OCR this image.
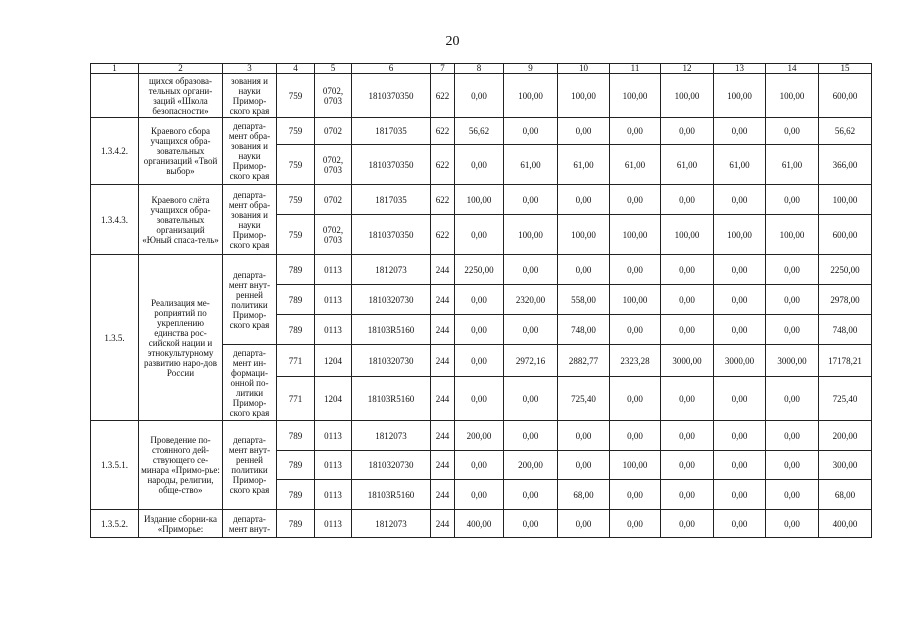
20
1	2	3	4	5	6	7	8	9	10	11	12	13	14	15
	щихся образова-тельных органи-заций «Школа безопасности»	зования и науки Примор-ского края	759	0702, 0703	1810370350	622	0,00	100,00	100,00	100,00	100,00	100,00	100,00	600,00
1.3.4.2.	Краевого сбора учащихся обра-зовательных организаций «Твой выбор»	департа-мент обра-зования и науки Примор-ского края	759	0702	1817035	622	56,62	0,00	0,00	0,00	0,00	0,00	0,00	56,62
			759	0702, 0703	1810370350	622	0,00	61,00	61,00	61,00	61,00	61,00	61,00	366,00
1.3.4.3.	Краевого слёта учащихся обра-зовательных организаций «Юный спаса-тель»	департа-мент обра-зования и науки Примор-ского края	759	0702	1817035	622	100,00	0,00	0,00	0,00	0,00	0,00	0,00	100,00
			759	0702, 0703	1810370350	622	0,00	100,00	100,00	100,00	100,00	100,00	100,00	600,00
1.3.5.	Реализация ме-роприятий по укреплению единства рос-сийской нации и этнокультурному развитию наро-дов России	департа-мент внут-ренней политики Примор-ского края	789	0113	1812073	244	2250,00	0,00	0,00	0,00	0,00	0,00	0,00	2250,00
			789	0113	1810320730	244	0,00	2320,00	558,00	100,00	0,00	0,00	0,00	2978,00
			789	0113	18103R5160	244	0,00	0,00	748,00	0,00	0,00	0,00	0,00	748,00
		департа-мент ин-формаци-онной по-литики Примор-ского края	771	1204	1810320730	244	0,00	2972,16	2882,77	2323,28	3000,00	3000,00	3000,00	17178,21
			771	1204	18103R5160	244	0,00	0,00	725,40	0,00	0,00	0,00	0,00	725,40
1.3.5.1.	Проведение по-стоянного дей-ствующего се-минара «Примо-рье: народы, религии, обще-ство»	департа-мент внут-ренней политики Примор-ского края	789	0113	1812073	244	200,00	0,00	0,00	0,00	0,00	0,00	0,00	200,00
			789	0113	1810320730	244	0,00	200,00	0,00	100,00	0,00	0,00	0,00	300,00
			789	0113	18103R5160	244	0,00	0,00	68,00	0,00	0,00	0,00	0,00	68,00
1.3.5.2.	Издание сборни-ка «Приморье:	департа-мент внут-	789	0113	1812073	244	400,00	0,00	0,00	0,00	0,00	0,00	0,00	400,00
